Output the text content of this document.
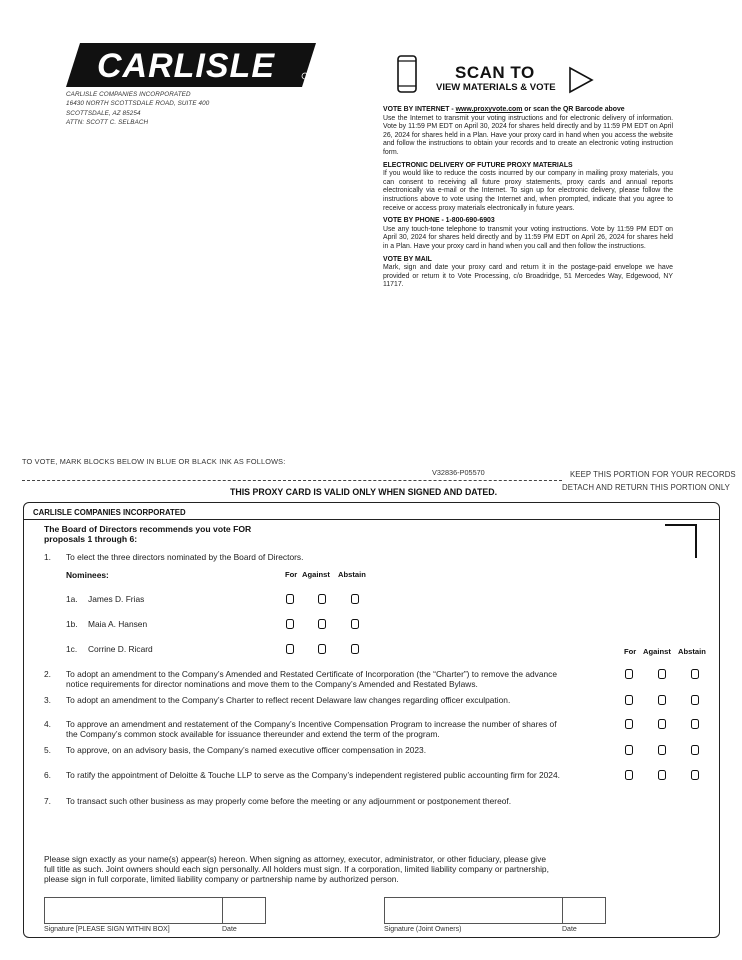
CARLISLE
CARLISLE COMPANIES INCORPORATED
16430 NORTH SCOTTSDALE ROAD, SUITE 400
SCOTTSDALE, AZ 85254
ATTN: SCOTT C. SELBACH
SCAN TO
VIEW MATERIALS & VOTE
VOTE BY INTERNET - www.proxyvote.com or scan the QR Barcode above

Use the Internet to transmit your voting instructions and for electronic delivery of information. Vote by 11:59 PM EDT on April 30, 2024 for shares held directly and by 11:59 PM EDT on April 26, 2024 for shares held in a Plan. Have your proxy card in hand when you access the website and follow the instructions to obtain your records and to create an electronic voting instruction form.

ELECTRONIC DELIVERY OF FUTURE PROXY MATERIALS

If you would like to reduce the costs incurred by our company in mailing proxy materials, you can consent to receiving all future proxy statements, proxy cards and annual reports electronically via e-mail or the Internet. To sign up for electronic delivery, please follow the instructions above to vote using the Internet and, when prompted, indicate that you agree to receive or access proxy materials electronically in future years.

VOTE BY PHONE - 1-800-690-6903

Use any touch-tone telephone to transmit your voting instructions. Vote by 11:59 PM EDT on April 30, 2024 for shares held directly and by 11:59 PM EDT on April 26, 2024 for shares held in a Plan. Have your proxy card in hand when you call and then follow the instructions.

VOTE BY MAIL

Mark, sign and date your proxy card and return it in the postage-paid envelope we have provided or return it to Vote Processing, c/o Broadridge, 51 Mercedes Way, Edgewood, NY 11717.

TO VOTE, MARK BLOCKS BELOW IN BLUE OR BLACK INK AS FOLLOWS:
V32836-P05570	KEEP THIS PORTION FOR YOUR RECORDS
DETACH AND RETURN THIS PORTION ONLY
THIS PROXY CARD IS VALID ONLY WHEN SIGNED AND DATED.
CARLISLE COMPANIES INCORPORATED
The Board of Directors recommends you vote FOR
proposals 1 through 6:
1. To elect the three directors nominated by the Board of Directors.
Nominees:	For Against Abstain
1a. James D. Frias
1b. Maia A. Hansen
1c. Corrine D. Ricard	For Against Abstain
2. To adopt an amendment to the Company’s Amended and Restated Certificate of Incorporation (the “Charter”) to remove the advance
notice requirements for director nominations and move them to the Company’s Amended and Restated Bylaws.
3. To adopt an amendment to the Company’s Charter to reflect recent Delaware law changes regarding officer exculpation.
4. To approve an amendment and restatement of the Company’s Incentive Compensation Program to increase the number of shares of
the Company’s common stock available for issuance thereunder and extend the term of the program.
5. To approve, on an advisory basis, the Company’s named executive officer compensation in 2023.
6. To ratify the appointment of Deloitte & Touche LLP to serve as the Company’s independent registered public accounting firm for 2024.
7. To transact such other business as may properly come before the meeting or any adjournment or postponement thereof.
Please sign exactly as your name(s) appear(s) hereon. When signing as attorney, executor, administrator, or other fiduciary, please give
full title as such. Joint owners should each sign personally. All holders must sign. If a corporation, limited liability company or partnership,
please sign in full corporate, limited liability company or partnership name by authorized person.
Signature [PLEASE SIGN WITHIN BOX]	Date	Signature (Joint Owners)	Date
